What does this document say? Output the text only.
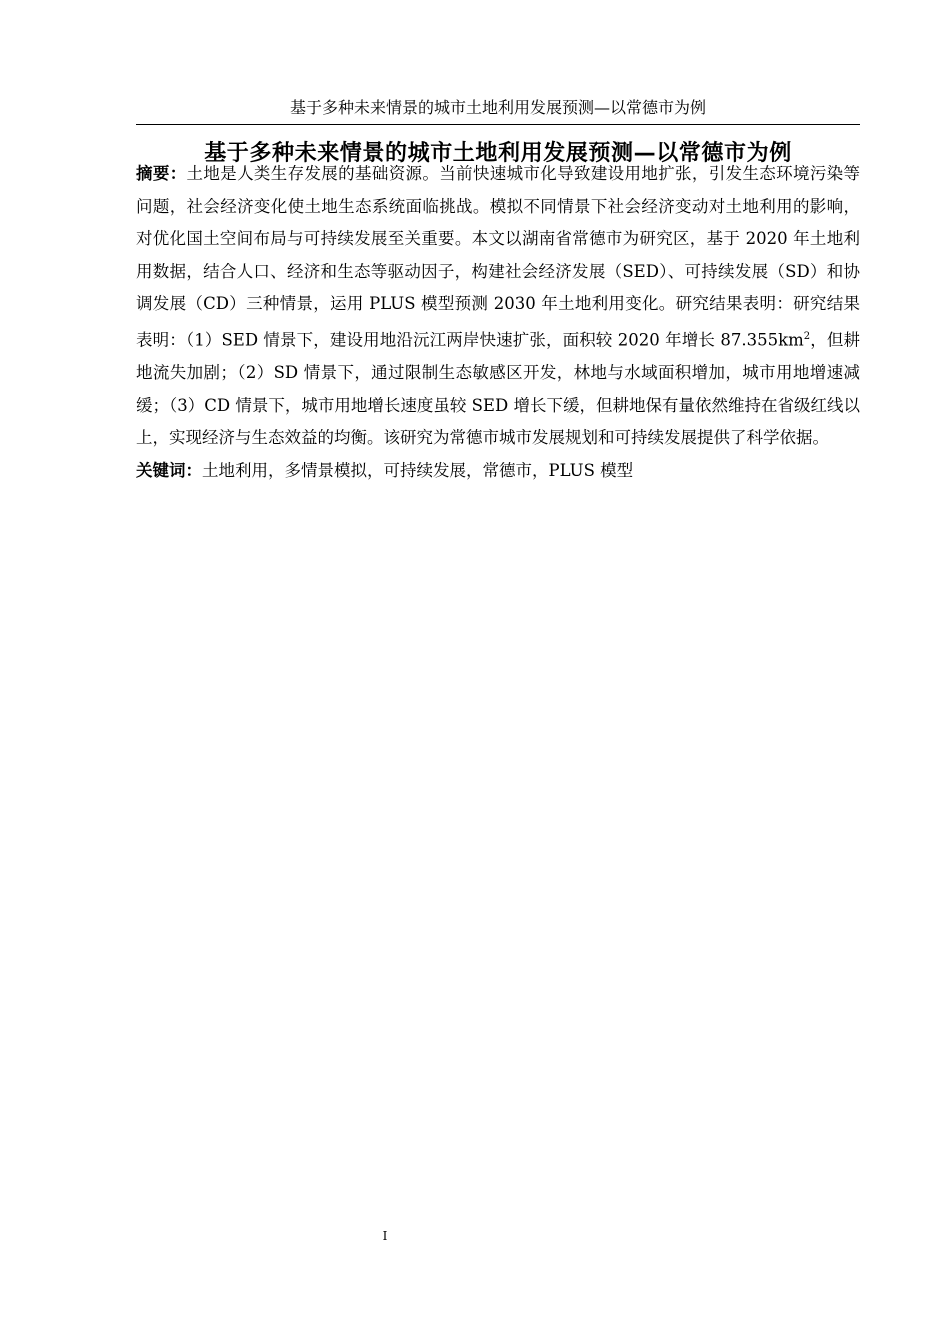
基于多种未来情景的城市土地利用发展预测—以常德市为例
基于多种未来情景的城市土地利用发展预测—以常德市为例

摘要：土地是人类生存发展的基础资源。当前快速城市化导致建设用地扩张，引发生态环境污染等问题，社会经济变化使土地生态系统面临挑战。模拟不同情景下社会经济变动对土地利用的影响，对优化国土空间布局与可持续发展至关重要。本文以湖南省常德市为研究区，基于 2020 年土地利用数据，结合人口、经济和生态等驱动因子，构建社会经济发展（SED）、可持续发展（SD）和协调发展（CD）三种情景，运用 PLUS 模型预测 2030 年土地利用变化。研究结果表明：研究结果表明：（1）SED 情景下，建设用地沿沅江两岸快速扩张，面积较 2020 年增长 $87.355km^2$，但耕地流失加剧；（2）SD 情景下，通过限制生态敏感区开发，林地与水域面积增加，城市用地增速减缓；（3）CD 情景下，城市用地增长速度虽较 SED 增长下缓，但耕地保有量依然维持在省级红线以上，实现经济与生态效益的均衡。该研究为常德市城市发展规划和可持续发展提供了科学依据。

关键词：土地利用，多情景模拟，可持续发展，常德市，PLUS 模型

I
